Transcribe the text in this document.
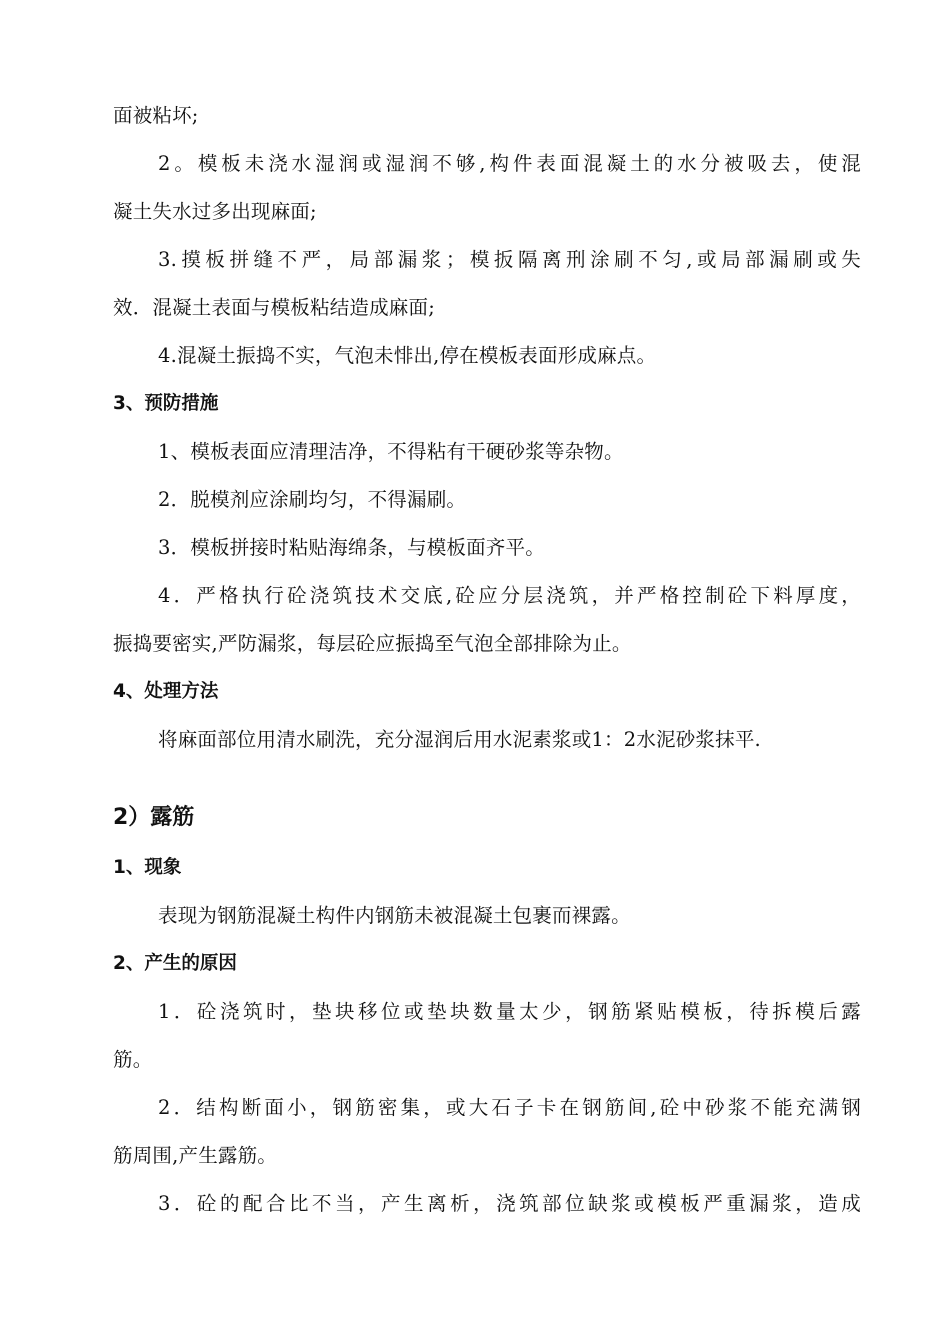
面被粘坏;
2。模板未浇水湿润或湿润不够,构件表面混凝土的水分被吸去，使混
凝土失水过多出现麻面;
3.摸板拼缝不严，局部漏浆；模扳隔离刑涂刷不匀,或局部漏刷或失
效．混凝土表面与模板粘结造成麻面;
4.混凝土振捣不实，气泡未悱出,停在模板表面形成麻点。
3、预防措施
1、模板表面应清理洁净，不得粘有干硬砂浆等杂物。
2．脱模剂应涂刷均匀，不得漏刷。
3．模板拼接时粘贴海绵条，与模板面齐平。
4．严格执行砼浇筑技术交底,砼应分层浇筑，并严格控制砼下料厚度，
振捣要密实,严防漏浆，每层砼应振捣至气泡全部排除为止。
4、处理方法
将麻面部位用清水刷洗，充分湿润后用水泥素浆或1：2水泥砂浆抹平.
2）露筋
1、现象
表现为钢筋混凝土构件内钢筋未被混凝土包裹而裸露。
2、产生的原因
1．砼浇筑时，垫块移位或垫块数量太少，钢筋紧贴模板，待拆模后露
筋。
2．结构断面小，钢筋密集，或大石子卡在钢筋间,砼中砂浆不能充满钢
筋周围,产生露筋。
3．砼的配合比不当，产生离析，浇筑部位缺浆或模板严重漏浆，造成
